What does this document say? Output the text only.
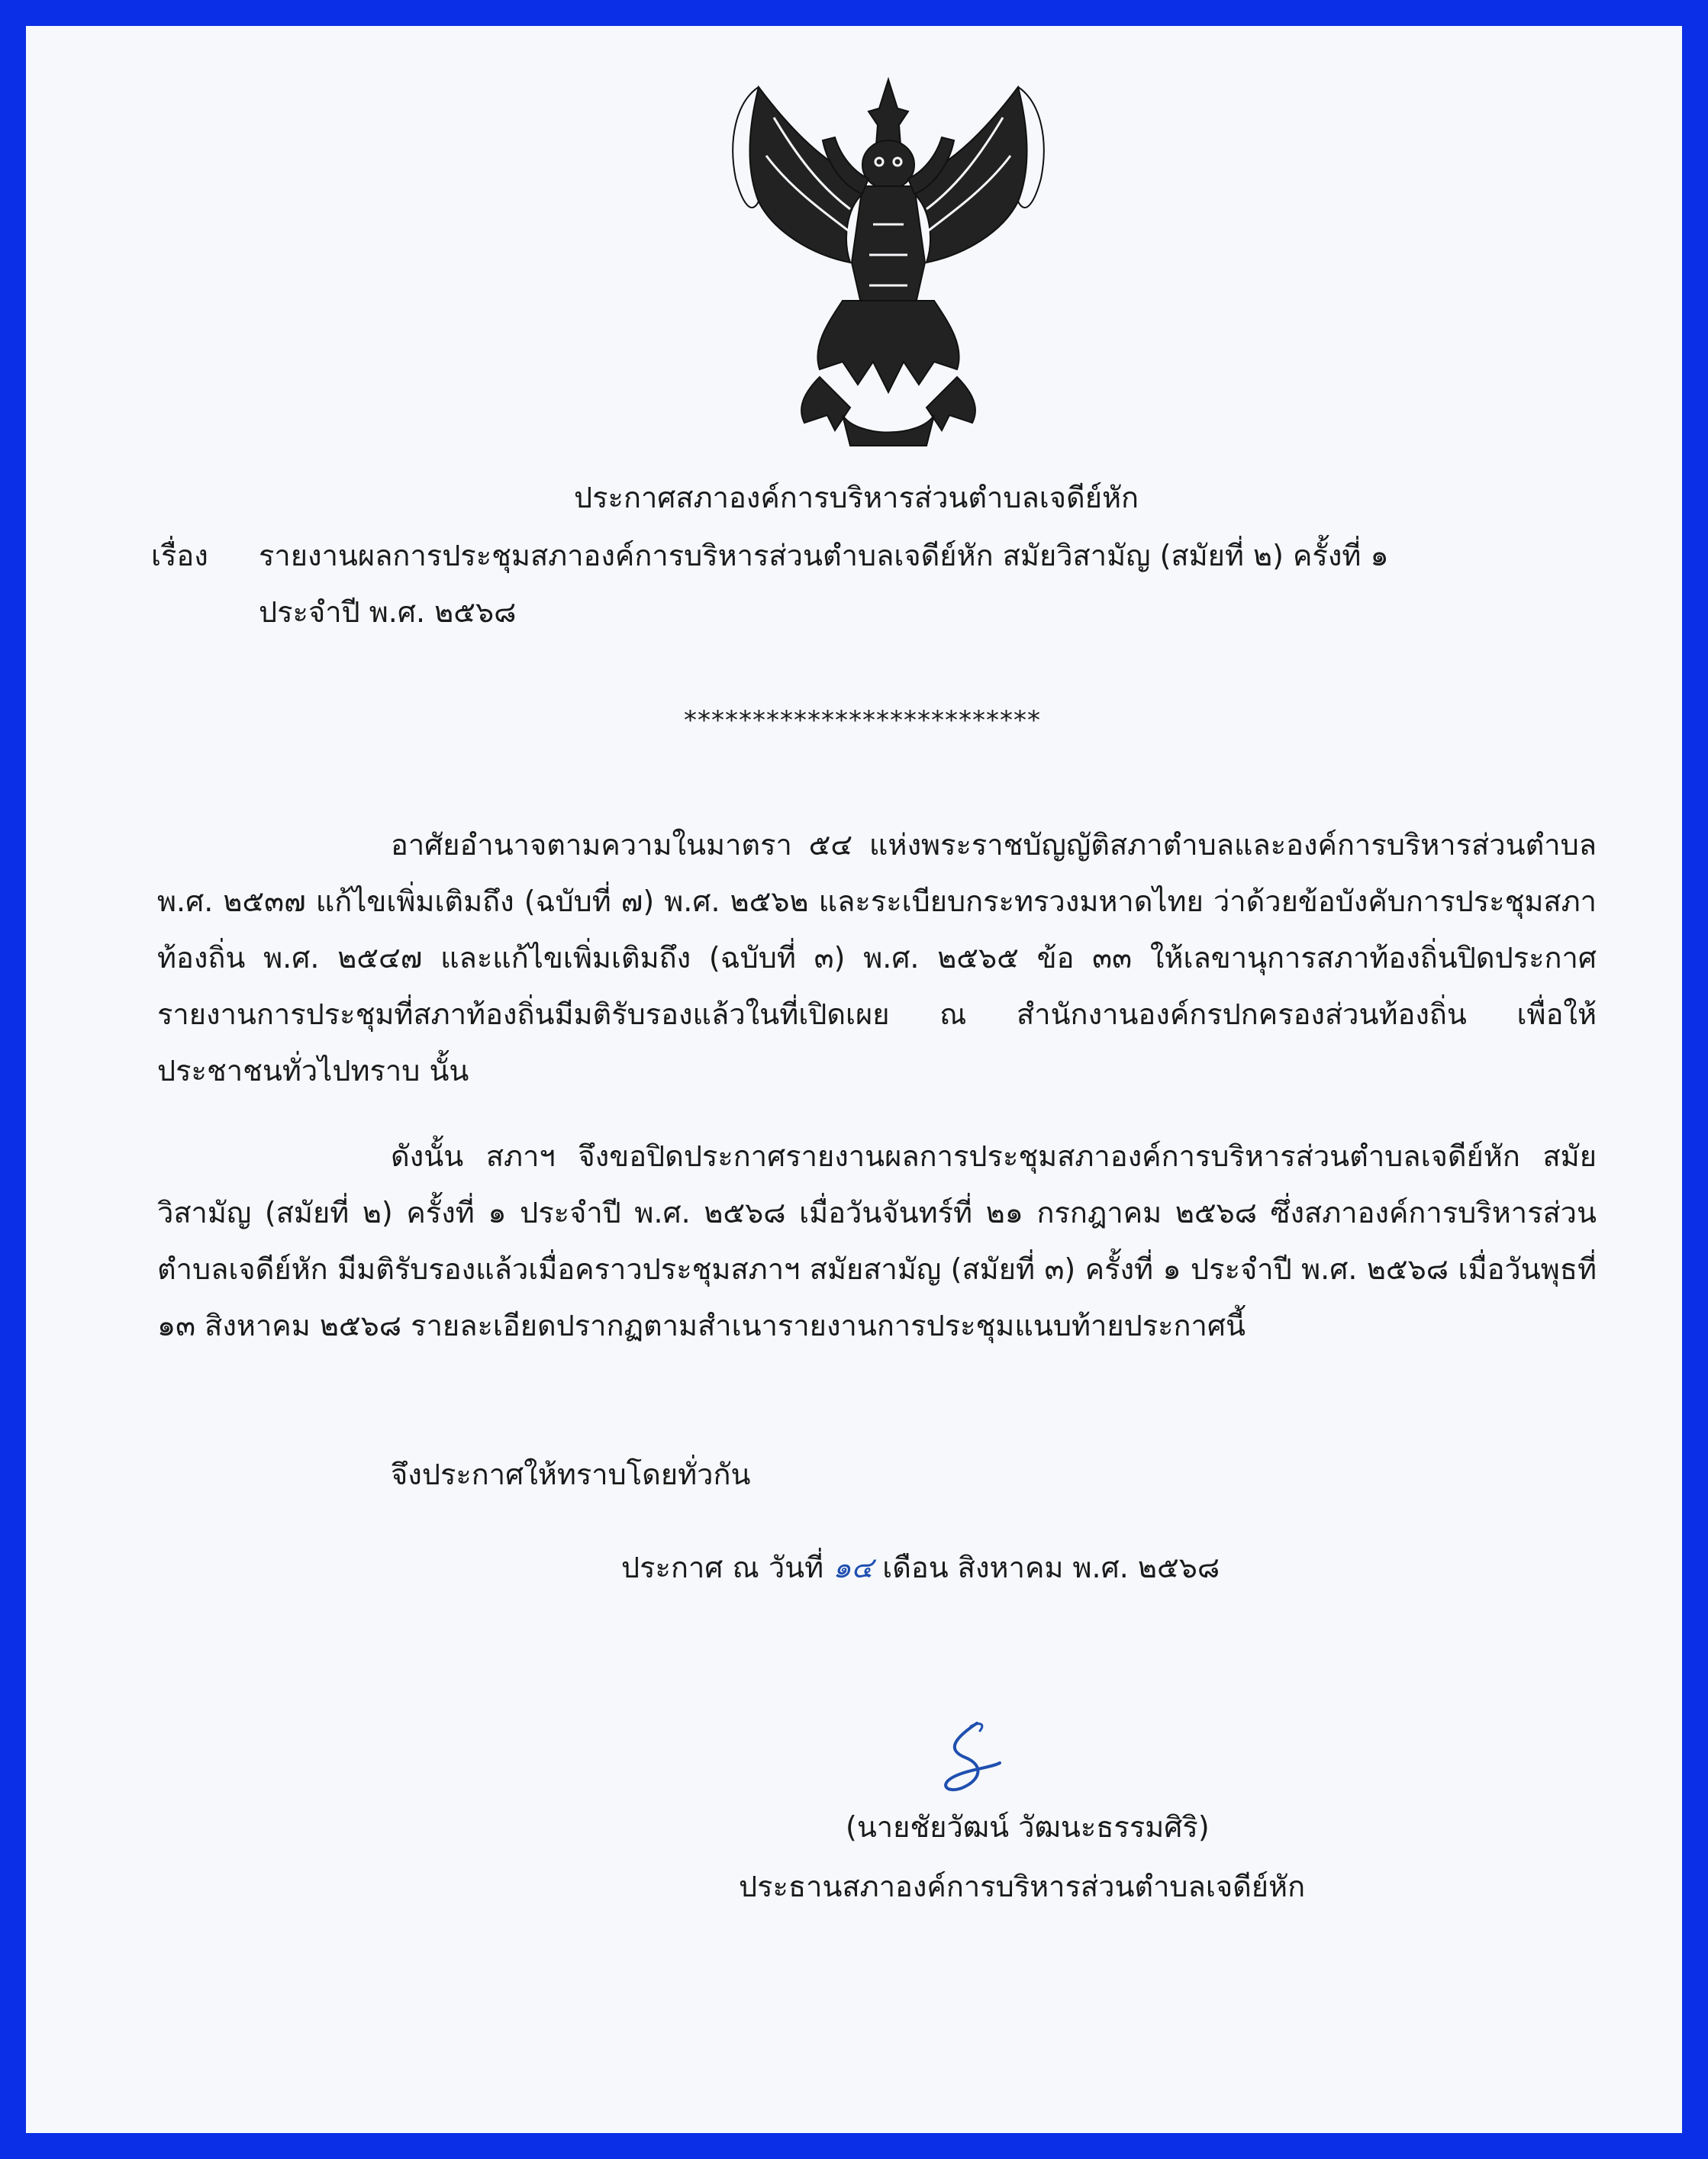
ประกาศสภาองค์การบริหารส่วนตำบลเจดีย์หัก
เรื่อง รายงานผลการประชุมสภาองค์การบริหารส่วนตำบลเจดีย์หัก สมัยวิสามัญ (สมัยที่ ๒) ครั้งที่ ๑
ประจำปี พ.ศ. ๒๕๖๘
**************************

อาศัยอำนาจตามความในมาตรา ๕๔ แห่งพระราชบัญญัติสภาตำบลและองค์การบริหารส่วนตำบล พ.ศ. ๒๕๓๗ แก้ไขเพิ่มเติมถึง (ฉบับที่ ๗) พ.ศ. ๒๕๖๒ และระเบียบกระทรวงมหาดไทย ว่าด้วยข้อบังคับการประชุมสภาท้องถิ่น พ.ศ. ๒๕๔๗ และแก้ไขเพิ่มเติมถึง (ฉบับที่ ๓) พ.ศ. ๒๕๖๕ ข้อ ๓๓ ให้เลขานุการสภาท้องถิ่นปิดประกาศรายงานการประชุมที่สภาท้องถิ่นมีมติรับรองแล้วในที่เปิดเผย ณ สำนักงานองค์กรปกครองส่วนท้องถิ่น เพื่อให้ประชาชนทั่วไปทราบ นั้น

ดังนั้น สภาฯ จึงขอปิดประกาศรายงานผลการประชุมสภาองค์การบริหารส่วนตำบลเจดีย์หัก สมัยวิสามัญ (สมัยที่ ๒) ครั้งที่ ๑ ประจำปี พ.ศ. ๒๕๖๘ เมื่อวันจันทร์ที่ ๒๑ กรกฎาคม ๒๕๖๘ ซึ่งสภาองค์การบริหารส่วนตำบลเจดีย์หัก มีมติรับรองแล้วเมื่อคราวประชุมสภาฯ สมัยสามัญ (สมัยที่ ๓) ครั้งที่ ๑ ประจำปี พ.ศ. ๒๕๖๘ เมื่อวันพุธที่ ๑๓ สิงหาคม ๒๕๖๘ รายละเอียดปรากฏตามสำเนารายงานการประชุมแนบท้ายประกาศนี้

จึงประกาศให้ทราบโดยทั่วกัน
ประกาศ ณ วันที่ ๑๔ เดือน สิงหาคม พ.ศ. ๒๕๖๘
(นายชัยวัฒน์ วัฒนะธรรมศิริ)
ประธานสภาองค์การบริหารส่วนตำบลเจดีย์หัก
